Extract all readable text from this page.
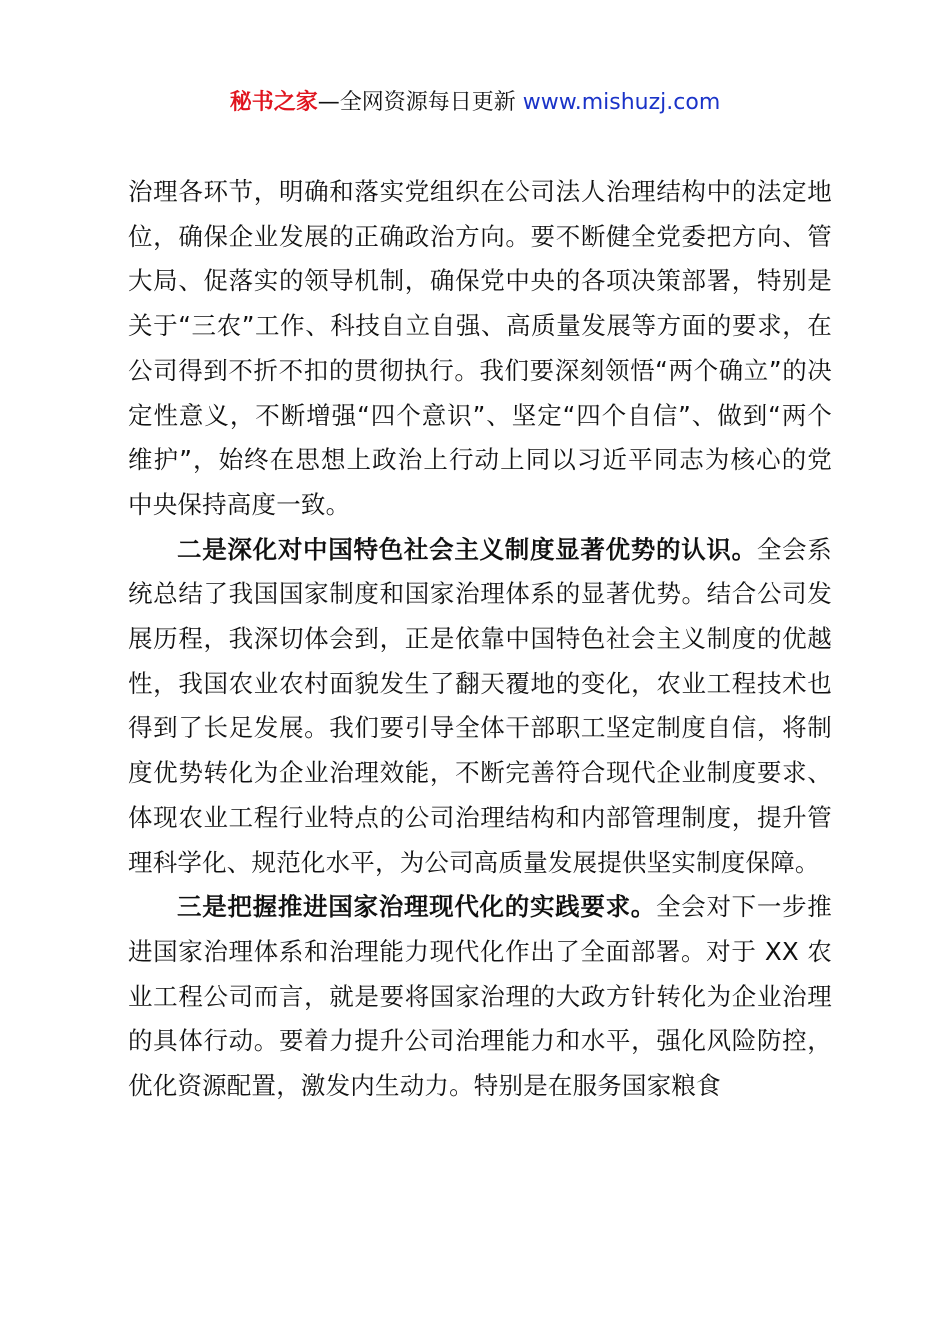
秘书之家—全网资源每日更新 www.mishuzj.com

治理各环节，明确和落实党组织在公司法人治理结构中的法定地位，确保企业发展的正确政治方向。要不断健全党委把方向、管大局、促落实的领导机制，确保党中央的各项决策部署，特别是关于“三农”工作、科技自立自强、高质量发展等方面的要求，在公司得到不折不扣的贯彻执行。我们要深刻领悟“两个确立”的决定性意义，不断增强“四个意识”、坚定“四个自信”、做到“两个维护”，始终在思想上政治上行动上同以习近平同志为核心的党中央保持高度一致。

二是深化对中国特色社会主义制度显著优势的认识。全会系统总结了我国国家制度和国家治理体系的显著优势。结合公司发展历程，我深切体会到，正是依靠中国特色社会主义制度的优越性，我国农业农村面貌发生了翻天覆地的变化，农业工程技术也得到了长足发展。我们要引导全体干部职工坚定制度自信，将制度优势转化为企业治理效能，不断完善符合现代企业制度要求、体现农业工程行业特点的公司治理结构和内部管理制度，提升管理科学化、规范化水平，为公司高质量发展提供坚实制度保障。

三是把握推进国家治理现代化的实践要求。全会对下一步推进国家治理体系和治理能力现代化作出了全面部署。对于 XX 农业工程公司而言，就是要将国家治理的大政方针转化为企业治理的具体行动。要着力提升公司治理能力和水平，强化风险防控，优化资源配置，激发内生动力。特别是在服务国家粮食
